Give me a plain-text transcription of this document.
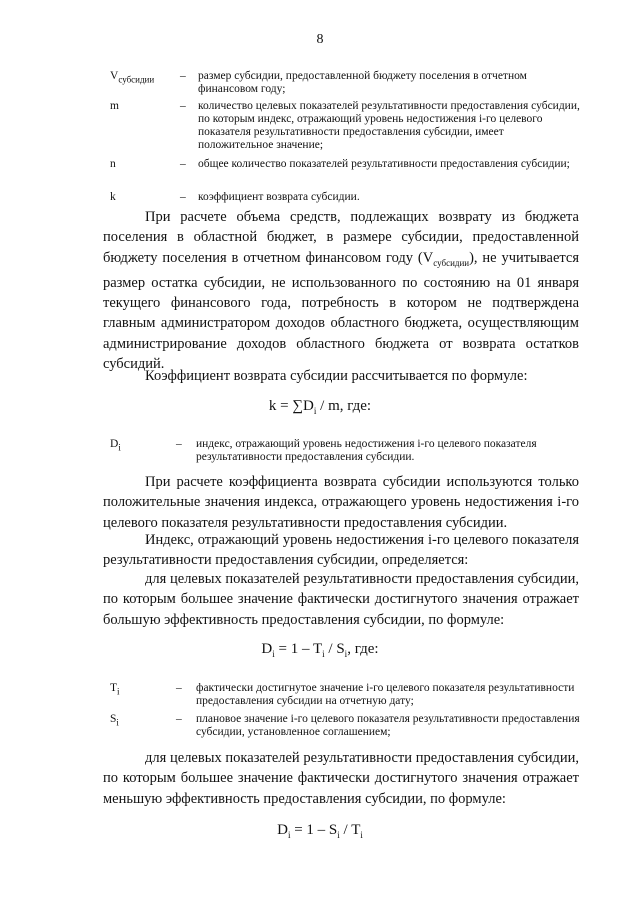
8
$V_{субсидии}$ – размер субсидии, предоставленной бюджету поселения в отчетном финансовом году;
m	– количество целевых показателей результативности предоставления субсидии, по которым индекс, отражающий уровень недостижения i-го целевого показателя результативности предоставления субсидии, имеет положительное значение;
n	– общее количество показателей результативности предоставления субсидии;
k	– коэффициент возврата субсидии.
При расчете объема средств, подлежащих возврату из бюджета поселения в областной бюджет, в размере субсидии, предоставленной бюджету поселения в отчетном финансовом году $(V_{субсидии})$, не учитывается размер остатка субсидии, не использованного по состоянию на 01 января текущего финансового года, потребность в котором не подтверждена главным администратором доходов областного бюджета, осуществляющим администрирование доходов областного бюджета от возврата остатков субсидий.
Коэффициент возврата субсидии рассчитывается по формуле:
$k = \sum D_i / m$, где:
$D_i$	– индекс, отражающий уровень недостижения i-го целевого показателя результативности предоставления субсидии.
При расчете коэффициента возврата субсидии используются только положительные значения индекса, отражающего уровень недостижения i-го целевого показателя результативности предоставления субсидии.
Индекс, отражающий уровень недостижения i-го целевого показателя результативности предоставления субсидии, определяется:
для целевых показателей результативности предоставления субсидии, по которым большее значение фактически достигнутого значения отражает большую эффективность предоставления субсидии, по формуле:
$D_i = 1 - T_i / S_i$, где:
$T_i$	– фактически достигнутое значение i-го целевого показателя результативности предоставления субсидии на отчетную дату;
$S_i$	– плановое значение i-го целевого показателя результативности предоставления субсидии, установленное соглашением;
для целевых показателей результативности предоставления субсидии, по которым большее значение фактически достигнутого значения отражает меньшую эффективность предоставления субсидии, по формуле:
$D_i = 1 - S_i / T_i$
